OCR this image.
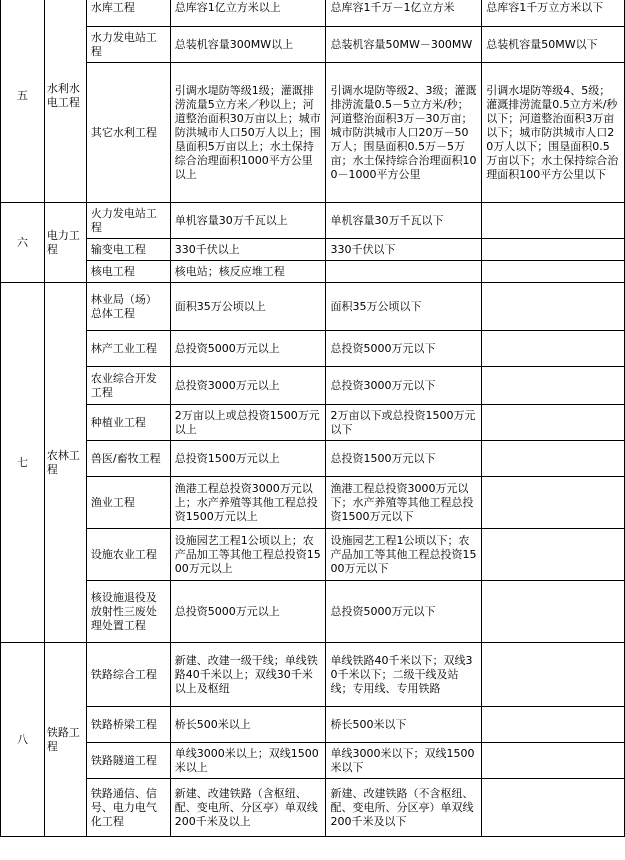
五	水利水电工程	水库工程	总库容1亿立方米以上	总库容1千万－1亿立方米	总库容1千万立方米以下
		水力发电站工程	总装机容量300MW以上	总装机容量50MW－300MW	总装机容量50MW以下
		其它水利工程	引调水堤防等级1级；灌溉排涝流量5立方米／秒以上；河道整治面积30万亩以上；城市防洪城市人口50万人以上；围垦面积5万亩以上；水土保持综合治理面积1000平方公里以上	引调水堤防等级2、3级；灌溉排涝流量0.5－5立方米/秒；河道整治面积3万－30万亩；城市防洪城市人口20万－50万人；围垦面积0.5万－5万亩；水土保持综合治理面积100－1000平方公里	引调水堤防等级4、5级；灌溉排涝流量0.5立方米/秒以下；河道整治面积3万亩以下；城市防洪城市人口20万人以下；围垦面积0.5万亩以下；水土保持综合治理面积100平方公里以下
六	电力工程	火力发电站工程	单机容量30万千瓦以上	单机容量30万千瓦以下	
		输变电工程	330千伏以上	330千伏以下	
		核电工程	核电站；核反应堆工程		
七	农林工程	林业局（场）总体工程	面积35万公顷以上	面积35万公顷以下	
		林产工业工程	总投资5000万元以上	总投资5000万元以下	
		农业综合开发工程	总投资3000万元以上	总投资3000万元以下	
		种植业工程	2万亩以上或总投资1500万元以上	2万亩以下或总投资1500万元以下	
		兽医/畜牧工程	总投资1500万元以上	总投资1500万元以下	
		渔业工程	渔港工程总投资3000万元以上；水产养殖等其他工程总投资1500万元以上	渔港工程总投资3000万元以下；水产养殖等其他工程总投资1500万元以下	
		设施农业工程	设施园艺工程1公顷以上；农产品加工等其他工程总投资1500万元以上	设施园艺工程1公顷以下；农产品加工等其他工程总投资1500万元以下	
		核设施退役及放射性三废处理处置工程	总投资5000万元以上	总投资5000万元以下	
八	铁路工程	铁路综合工程	新建、改建一级干线；单线铁路40千米以上；双线30千米以上及枢纽	单线铁路40千米以下；双线30千米以下；二级干线及站线；专用线、专用铁路	
		铁路桥梁工程	桥长500米以上	桥长500米以下	
		铁路隧道工程	单线3000米以上；双线1500米以上	单线3000米以下；双线1500米以下	
		铁路通信、信号、电力电气化工程	新建、改建铁路（含枢纽、配、变电所、分区亭）单双线200千米及以上	新建、改建铁路（不含枢纽、配、变电所、分区亭）单双线200千米及以下	
